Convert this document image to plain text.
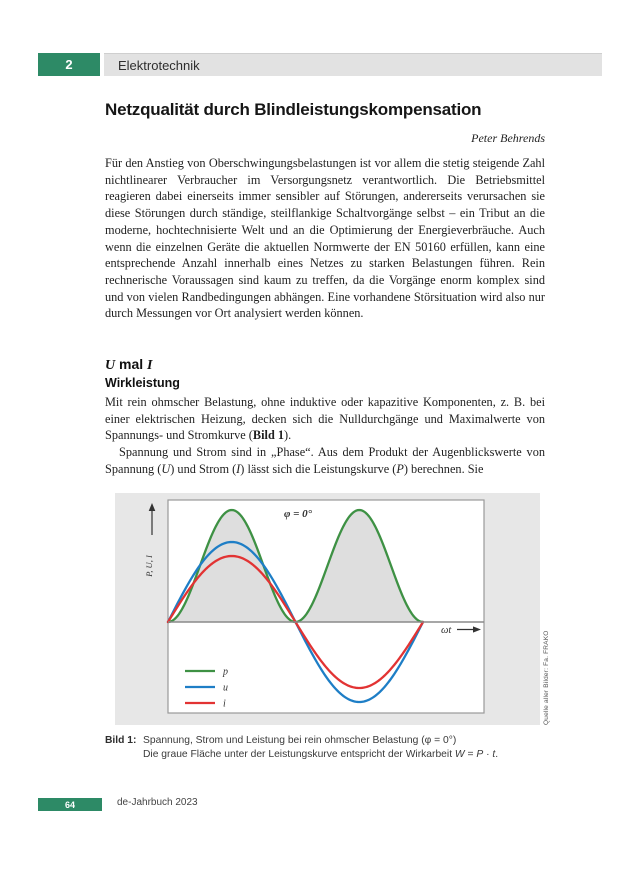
2	Elektrotechnik
Netzqualität durch Blindleistungskompensation
Peter Behrends
Für den Anstieg von Oberschwingungsbelastungen ist vor allem die stetig steigende Zahl nichtlinearer Verbraucher im Versorgungsnetz verantwortlich. Die Betriebsmittel reagieren dabei einerseits immer sensibler auf Störungen, andererseits verursachen sie diese Störungen durch ständige, steilflankige Schaltvorgänge selbst – ein Tribut an die moderne, hochtechnisierte Welt und an die Optimierung der Energieverbräuche. Auch wenn die einzelnen Geräte die aktuellen Normwerte der EN 50160 erfüllen, kann eine entsprechende Anzahl innerhalb eines Netzes zu starken Belastungen führen. Rein rechnerische Voraussagen sind kaum zu treffen, da die Vorgänge enorm komplex sind und von vielen Randbedingungen abhängen. Eine vorhandene Störsituation wird also nur durch Messungen vor Ort analysiert werden können.
U mal I
Wirkleistung

Mit rein ohmscher Belastung, ohne induktive oder kapazitive Komponenten, z. B. bei einer elektrischen Heizung, decken sich die Nulldurchgänge und Maximalwerte von Spannungs- und Stromkurve (Bild 1).

Spannung und Strom sind in „Phase“. Aus dem Produkt der Augenblickswerte von Spannung (U) und Strom (I) lässt sich die Leistungskurve (P) berechnen. Sie

P, U, I
ωt
φ = 0°
p
u
i	Quelle aller Bilder: Fa. FRAKO
Bild 1: Spannung, Strom und Leistung bei rein ohmscher Belastung (φ = 0°)
Die graue Fläche unter der Leistungskurve entspricht der Wirkarbeit W = P · t.
64	de-Jahrbuch 2023
